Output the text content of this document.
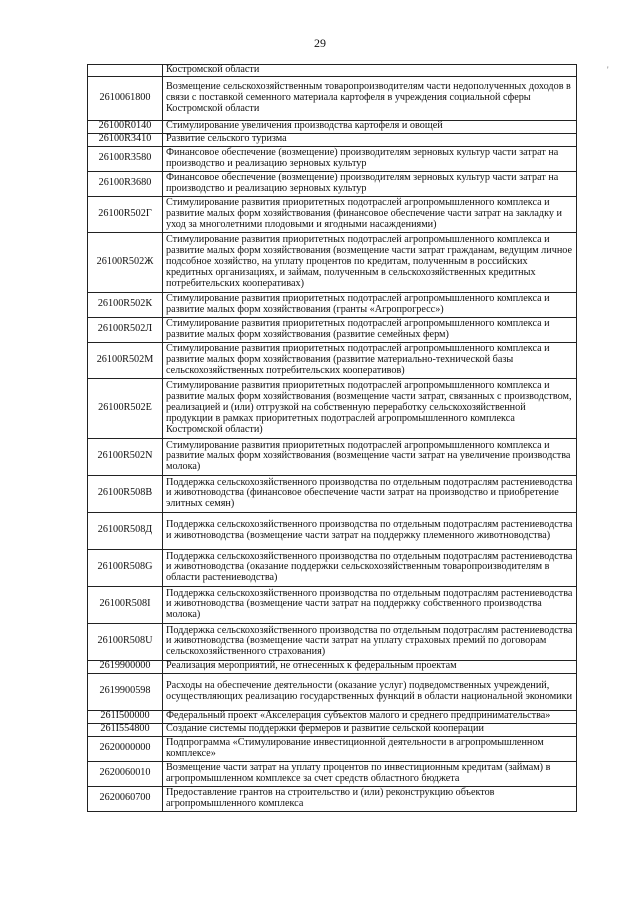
29
'
	Костромской области
2610061800	Возмещение сельскохозяйственным товаропроизводителям части недополученных доходов в связи с поставкой семенного материала картофеля в учреждения социальной сферы Костромской области
26100R0140	Стимулирование увеличения производства картофеля и овощей
26100R3410	Развитие сельского туризма
26100R3580	Финансовое обеспечение (возмещение) производителям зерновых культур части затрат на производство и реализацию зерновых культур
26100R3680	Финансовое обеспечение (возмещение) производителям зерновых культур части затрат на производство и реализацию зерновых культур
26100R502Г	Стимулирование развития приоритетных подотраслей агропромышленного комплекса и развитие малых форм хозяйствования (финансовое обеспечение части затрат на закладку и уход за многолетними плодовыми и ягодными насаждениями)
26100R502Ж	Стимулирование развития приоритетных подотраслей агропромышленного комплекса и развитие малых форм хозяйствования (возмещение части затрат гражданам, ведущим личное подсобное хозяйство, на уплату процентов по кредитам, полученным в российских кредитных организациях, и займам, полученным в сельскохозяйственных кредитных потребительских кооперативах)
26100R502К	Стимулирование развития приоритетных подотраслей агропромышленного комплекса и развитие малых форм хозяйствования (гранты «Агропрогресс»)
26100R502Л	Стимулирование развития приоритетных подотраслей агропромышленного комплекса и развитие малых форм хозяйствования (развитие семейных ферм)
26100R502М	Стимулирование развития приоритетных подотраслей агропромышленного комплекса и развитие малых форм хозяйствования (развитие материально-технической базы сельскохозяйственных потребительских кооперативов)
26100R502Е	Стимулирование развития приоритетных подотраслей агропромышленного комплекса и развитие малых форм хозяйствования (возмещение части затрат, связанных с производством, реализацией и (или) отгрузкой на собственную переработку сельскохозяйственной продукции в рамках приоритетных подотраслей агропромышленного комплекса Костромской области)
26100R502N	Стимулирование развития приоритетных подотраслей агропромышленного комплекса и развитие малых форм хозяйствования (возмещение части затрат на увеличение производства молока)
26100R508В	Поддержка сельскохозяйственного производства по отдельным подотраслям растениеводства и животноводства (финансовое обеспечение части затрат на производство и приобретение элитных семян)
26100R508Д	Поддержка сельскохозяйственного производства по отдельным подотраслям растениеводства и животноводства (возмещение части затрат на поддержку племенного животноводства)
26100R508G	Поддержка сельскохозяйственного производства по отдельным подотраслям растениеводства и животноводства (оказание поддержки сельскохозяйственным товаропроизводителям в области растениеводства)
26100R508I	Поддержка сельскохозяйственного производства по отдельным подотраслям растениеводства и животноводства (возмещение части затрат на поддержку собственного производства молока)
26100R508U	Поддержка сельскохозяйственного производства по отдельным подотраслям растениеводства и животноводства (возмещение части затрат на уплату страховых премий по договорам сельскохозяйственного страхования)
2619900000	Реализация мероприятий, не отнесенных к федеральным проектам
2619900598	Расходы на обеспечение деятельности (оказание услуг) подведомственных учреждений, осуществляющих реализацию государственных функций в области национальной экономики
261I500000	Федеральный проект «Акселерация субъектов малого и среднего предпринимательства»
261I554800	Создание системы поддержки фермеров и развитие сельской кооперации
2620000000	Подпрограмма «Стимулирование инвестиционной деятельности в агропромышленном комплексе»
2620060010	Возмещение части затрат на уплату процентов по инвестиционным кредитам (займам) в агропромышленном комплексе за счет средств областного бюджета
2620060700	Предоставление грантов на строительство и (или) реконструкцию объектов агропромышленного комплекса
